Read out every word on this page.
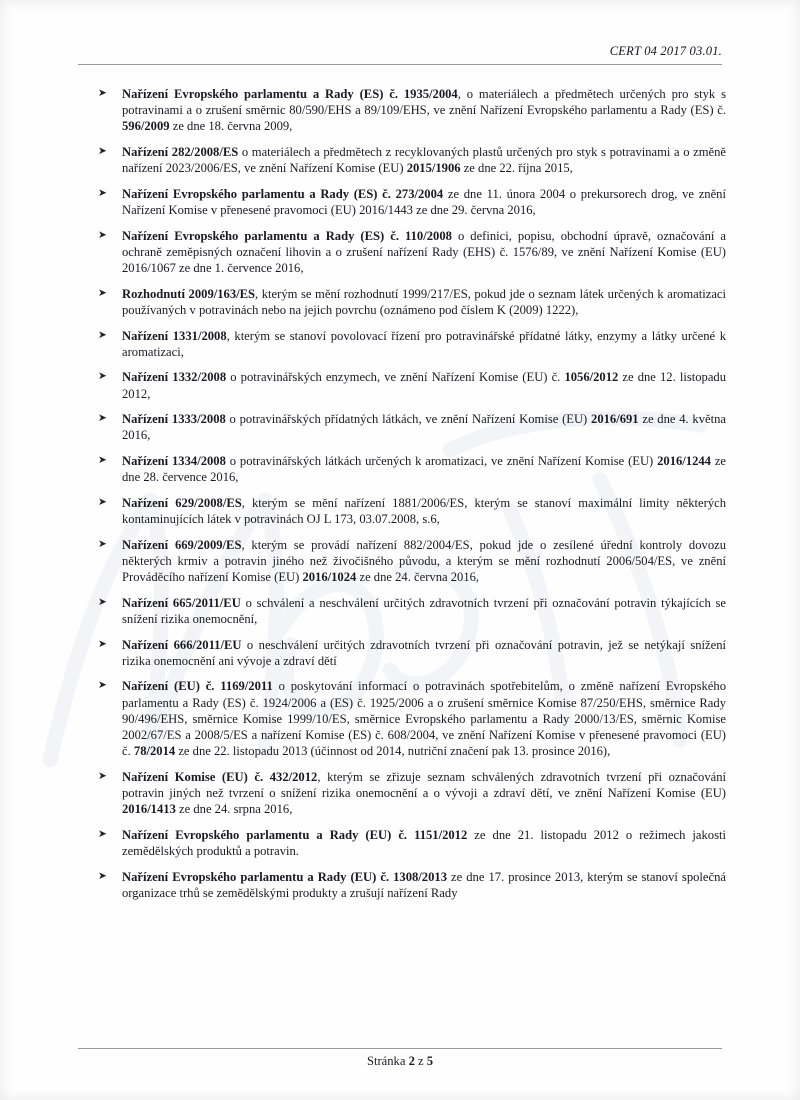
CERT 04 2017 03.01.
➤ Nařízení Evropského parlamentu a Rady (ES) č. 1935/2004, o materiálech a předmětech určených pro styk s potravinami a o zrušení směrnic 80/590/EHS a 89/109/EHS, ve znění Nařízení Evropského parlamentu a Rady (ES) č. 596/2009 ze dne 18. června 2009,
➤ Nařízení 282/2008/ES o materiálech a předmětech z recyklovaných plastů určených pro styk s potravinami a o změně nařízení 2023/2006/ES, ve znění Nařízení Komise (EU) 2015/1906 ze dne 22. října 2015,
➤ Nařízení Evropského parlamentu a Rady (ES) č. 273/2004 ze dne 11. února 2004 o prekursorech drog, ve znění Nařízení Komise v přenesené pravomoci (EU) 2016/1443 ze dne 29. června 2016,
➤ Nařízení Evropského parlamentu a Rady (ES) č. 110/2008 o definici, popisu, obchodní úpravě, označování a ochraně zeměpisných označení lihovin a o zrušení nařízení Rady (EHS) č. 1576/89, ve znění Nařízení Komise (EU) 2016/1067 ze dne 1. července 2016,
➤ Rozhodnutí 2009/163/ES, kterým se mění rozhodnutí 1999/217/ES, pokud jde o seznam látek určených k aromatizaci používaných v potravinách nebo na jejich povrchu (oznámeno pod číslem K (2009) 1222),
➤ Nařízení 1331/2008, kterým se stanoví povolovací řízení pro potravinářské přídatné látky, enzymy a látky určené k aromatizaci,
➤ Nařízení 1332/2008 o potravinářských enzymech, ve znění Nařízení Komise (EU) č. 1056/2012 ze dne 12. listopadu 2012,
➤ Nařízení 1333/2008 o potravinářských přídatných látkách, ve znění Nařízení Komise (EU) 2016/691 ze dne 4. května 2016,
➤ Nařízení 1334/2008 o potravinářských látkách určených k aromatizaci, ve znění Nařízení Komise (EU) 2016/1244 ze dne 28. července 2016,
➤ Nařízení 629/2008/ES, kterým se mění nařízení 1881/2006/ES, kterým se stanoví maximální limity některých kontaminujících látek v potravinách OJ L 173, 03.07.2008, s.6,
➤ Nařízení 669/2009/ES, kterým se provádí nařízení 882/2004/ES, pokud jde o zesílené úřední kontroly dovozu některých krmiv a potravin jiného než živočišného původu, a kterým se mění rozhodnutí 2006/504/ES, ve znění Prováděcího nařízení Komise (EU) 2016/1024 ze dne 24. června 2016,
➤ Nařízení 665/2011/EU o schválení a neschválení určitých zdravotních tvrzení při označování potravin týkajících se snížení rizika onemocnění,
➤ Nařízení 666/2011/EU o neschválení určitých zdravotních tvrzení při označování potravin, jež se netýkají snížení rizika onemocnění ani vývoje a zdraví dětí
➤ Nařízení (EU) č. 1169/2011 o poskytování informací o potravinách spotřebitelům, o změně nařízení Evropského parlamentu a Rady (ES) č. 1924/2006 a (ES) č. 1925/2006 a o zrušení směrnice Komise 87/250/EHS, směrnice Rady 90/496/EHS, směrnice Komise 1999/10/ES, směrnice Evropského parlamentu a Rady 2000/13/ES, směrnic Komise 2002/67/ES a 2008/5/ES a nařízení Komise (ES) č. 608/2004, ve znění Nařízení Komise v přenesené pravomoci (EU) č. 78/2014 ze dne 22. listopadu 2013 (účinnost od 2014, nutriční značení pak 13. prosince 2016),
➤ Nařízení Komise (EU) č. 432/2012, kterým se zřizuje seznam schválených zdravotních tvrzení při označování potravin jiných než tvrzení o snížení rizika onemocnění a o vývoji a zdraví dětí, ve znění Nařízení Komise (EU) 2016/1413 ze dne 24. srpna 2016,
➤ Nařízení Evropského parlamentu a Rady (EU) č. 1151/2012 ze dne 21. listopadu 2012 o režimech jakosti zemědělských produktů a potravin.
➤ Nařízení Evropského parlamentu a Rady (EU) č. 1308/2013 ze dne 17. prosince 2013, kterým se stanoví společná organizace trhů se zemědělskými produkty a zrušují nařízení Rady
Stránka 2 z 5
